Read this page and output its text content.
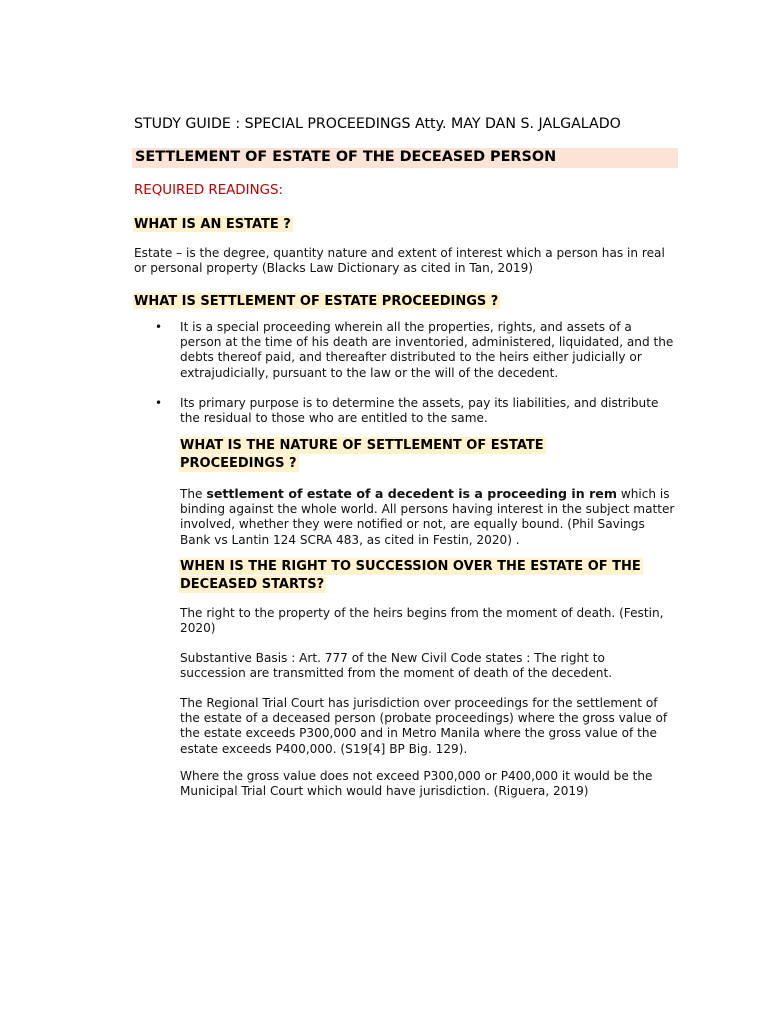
STUDY GUIDE : SPECIAL PROCEEDINGS Atty. MAY DAN S. JALGALADO

SETTLEMENT OF ESTATE OF THE DECEASED PERSON

REQUIRED READINGS:

WHAT IS AN ESTATE ?

Estate – is the degree, quantity nature and extent of interest which a person has in real
or personal property (Blacks Law Dictionary as cited in Tan, 2019)

WHAT IS SETTLEMENT OF ESTATE PROCEEDINGS ?

• It is a special proceeding wherein all the properties, rights, and assets of a
person at the time of his death are inventoried, administered, liquidated, and the
debts thereof paid, and thereafter distributed to the heirs either judicially or
extrajudicially, pursuant to the law or the will of the decedent.
• Its primary purpose is to determine the assets, pay its liabilities, and distribute
the residual to those who are entitled to the same.
WHAT IS THE NATURE OF SETTLEMENT OF ESTATE
PROCEEDINGS ?
The settlement of estate of a decedent is a proceeding in rem which is
binding against the whole world. All persons having interest in the subject matter
involved, whether they were notified or not, are equally bound. (Phil Savings
Bank vs Lantin 124 SCRA 483, as cited in Festin, 2020) .
WHEN IS THE RIGHT TO SUCCESSION OVER THE ESTATE OF THE
DECEASED STARTS?
The right to the property of the heirs begins from the moment of death. (Festin,
2020)
Substantive Basis : Art. 777 of the New Civil Code states : The right to
succession are transmitted from the moment of death of the decedent.
The Regional Trial Court has jurisdiction over proceedings for the settlement of
the estate of a deceased person (probate proceedings) where the gross value of
the estate exceeds P300,000 and in Metro Manila where the gross value of the
estate exceeds P400,000. (S19[4] BP Big. 129).
Where the gross value does not exceed P300,000 or P400,000 it would be the
Municipal Trial Court which would have jurisdiction. (Riguera, 2019)
